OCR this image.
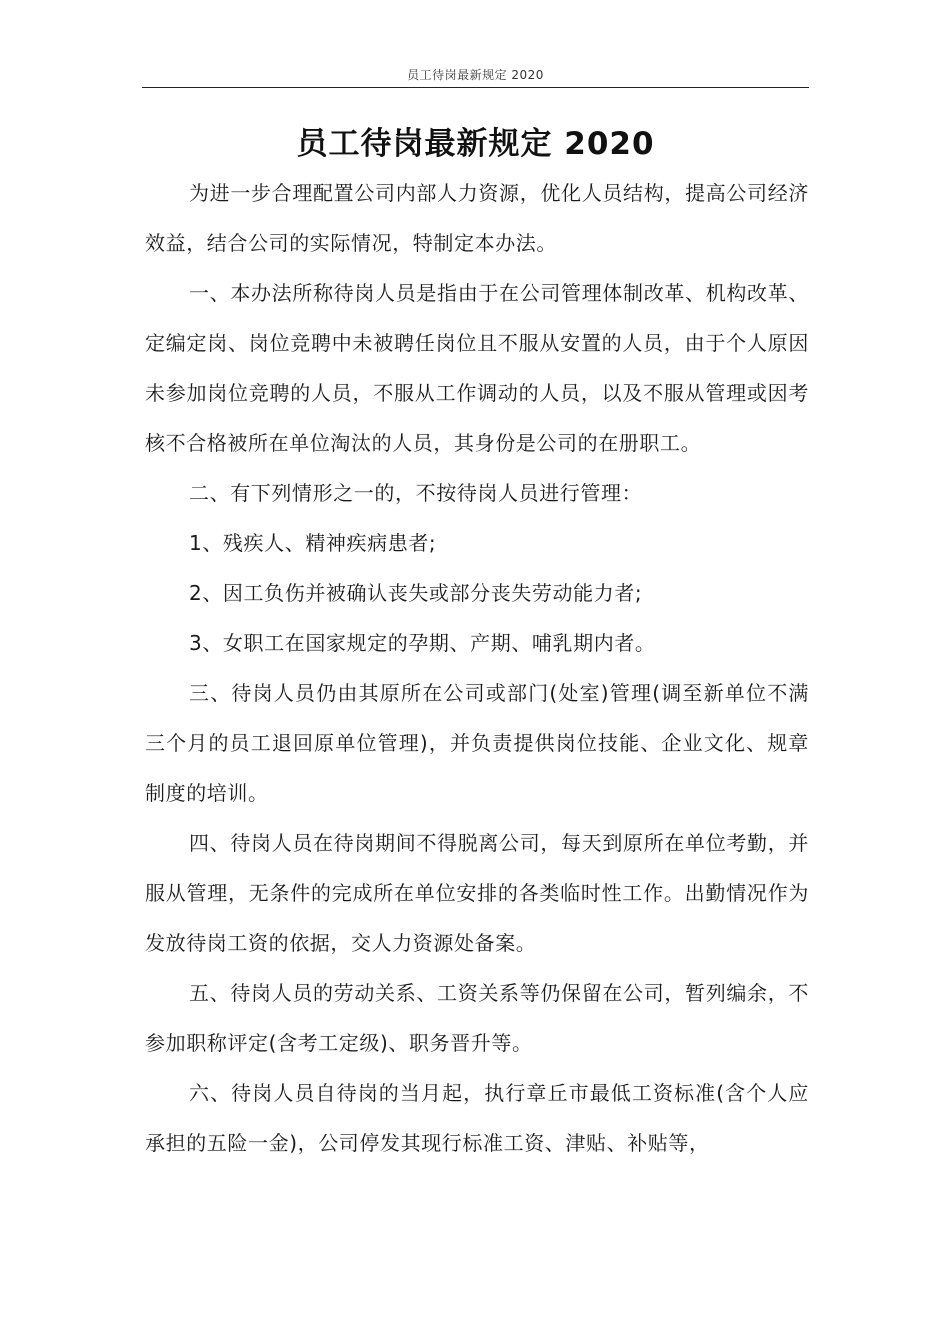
员工待岗最新规定 2020
员工待岗最新规定 2020

为进一步合理配置公司内部人力资源，优化人员结构，提高公司经济效益，结合公司的实际情况，特制定本办法。

一、本办法所称待岗人员是指由于在公司管理体制改革、机构改革、定编定岗、岗位竞聘中未被聘任岗位且不服从安置的人员，由于个人原因未参加岗位竞聘的人员，不服从工作调动的人员，以及不服从管理或因考核不合格被所在单位淘汰的人员，其身份是公司的在册职工。

二、有下列情形之一的，不按待岗人员进行管理：

1、残疾人、精神疾病患者;

2、因工负伤并被确认丧失或部分丧失劳动能力者;

3、女职工在国家规定的孕期、产期、哺乳期内者。

三、待岗人员仍由其原所在公司或部门(处室)管理(调至新单位不满三个月的员工退回原单位管理)，并负责提供岗位技能、企业文化、规章制度的培训。

四、待岗人员在待岗期间不得脱离公司，每天到原所在单位考勤，并服从管理，无条件的完成所在单位安排的各类临时性工作。出勤情况作为发放待岗工资的依据，交人力资源处备案。

五、待岗人员的劳动关系、工资关系等仍保留在公司，暂列编余，不参加职称评定(含考工定级)、职务晋升等。

六、待岗人员自待岗的当月起，执行章丘市最低工资标准(含个人应承担的五险一金)，公司停发其现行标准工资、津贴、补贴等，
